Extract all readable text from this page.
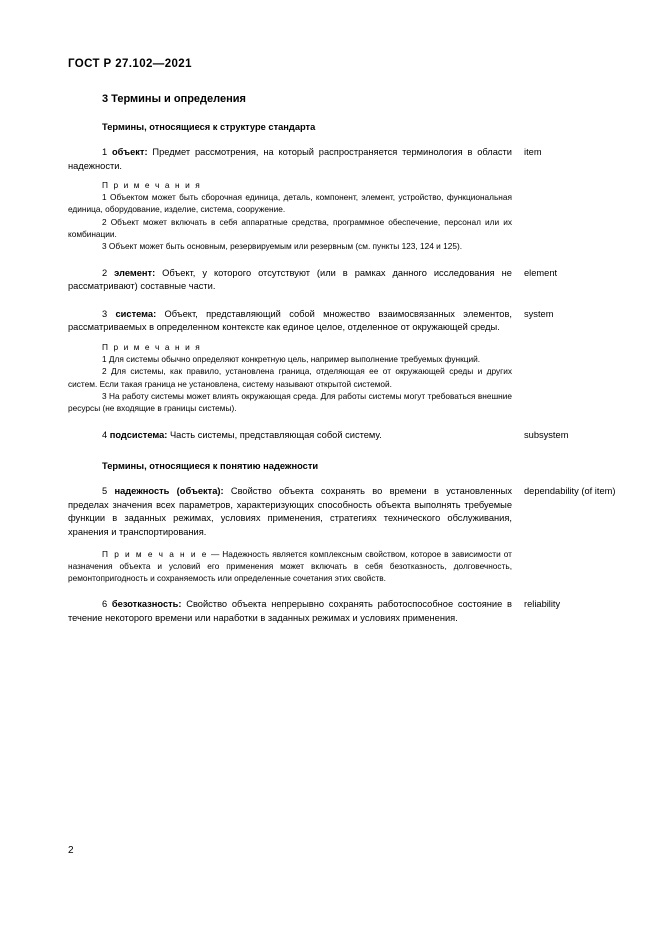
ГОСТ Р 27.102—2021
3 Термины и определения
Термины, относящиеся к структуре стандарта
1 объект: Предмет рассмотрения, на который распространяется терминология в области надежности.
item
П р и м е ч а н и я
1 Объектом может быть сборочная единица, деталь, компонент, элемент, устройство, функциональная единица, оборудование, изделие, система, сооружение.
2 Объект может включать в себя аппаратные средства, программное обеспечение, персонал или их комбинации.
3 Объект может быть основным, резервируемым или резервным (см. пункты 123, 124 и 125).
2 элемент: Объект, у которого отсутствуют (или в рамках данного исследования не рассматривают) составные части.
element
3 система: Объект, представляющий собой множество взаимосвязанных элементов, рассматриваемых в определенном контексте как единое целое, отделенное от окружающей среды.
system
П р и м е ч а н и я
1 Для системы обычно определяют конкретную цель, например выполнение требуемых функций.
2 Для системы, как правило, установлена граница, отделяющая ее от окружающей среды и других систем. Если такая граница не установлена, систему называют открытой системой.
3 На работу системы может влиять окружающая среда. Для работы системы могут требоваться внешние ресурсы (не входящие в границы системы).
4 подсистема: Часть системы, представляющая собой систему.	subsystem
Термины, относящиеся к понятию надежности
5 надежность (объекта): Свойство объекта сохранять во времени в установленных пределах значения всех параметров, характеризующих способность объекта выполнять требуемые функции в заданных режимах, условиях применения, стратегиях технического обслуживания, хранения и транспортирования.
dependability (of item)
П р и м е ч а н и е — Надежность является комплексным свойством, которое в зависимости от назначения объекта и условий его применения может включать в себя безотказность, долговечность, ремонтопригодность и сохраняемость или определенные сочетания этих свойств.
6 безотказность: Свойство объекта непрерывно сохранять работоспособное состояние в течение некоторого времени или наработки в заданных режимах и условиях применения.
reliability
2
